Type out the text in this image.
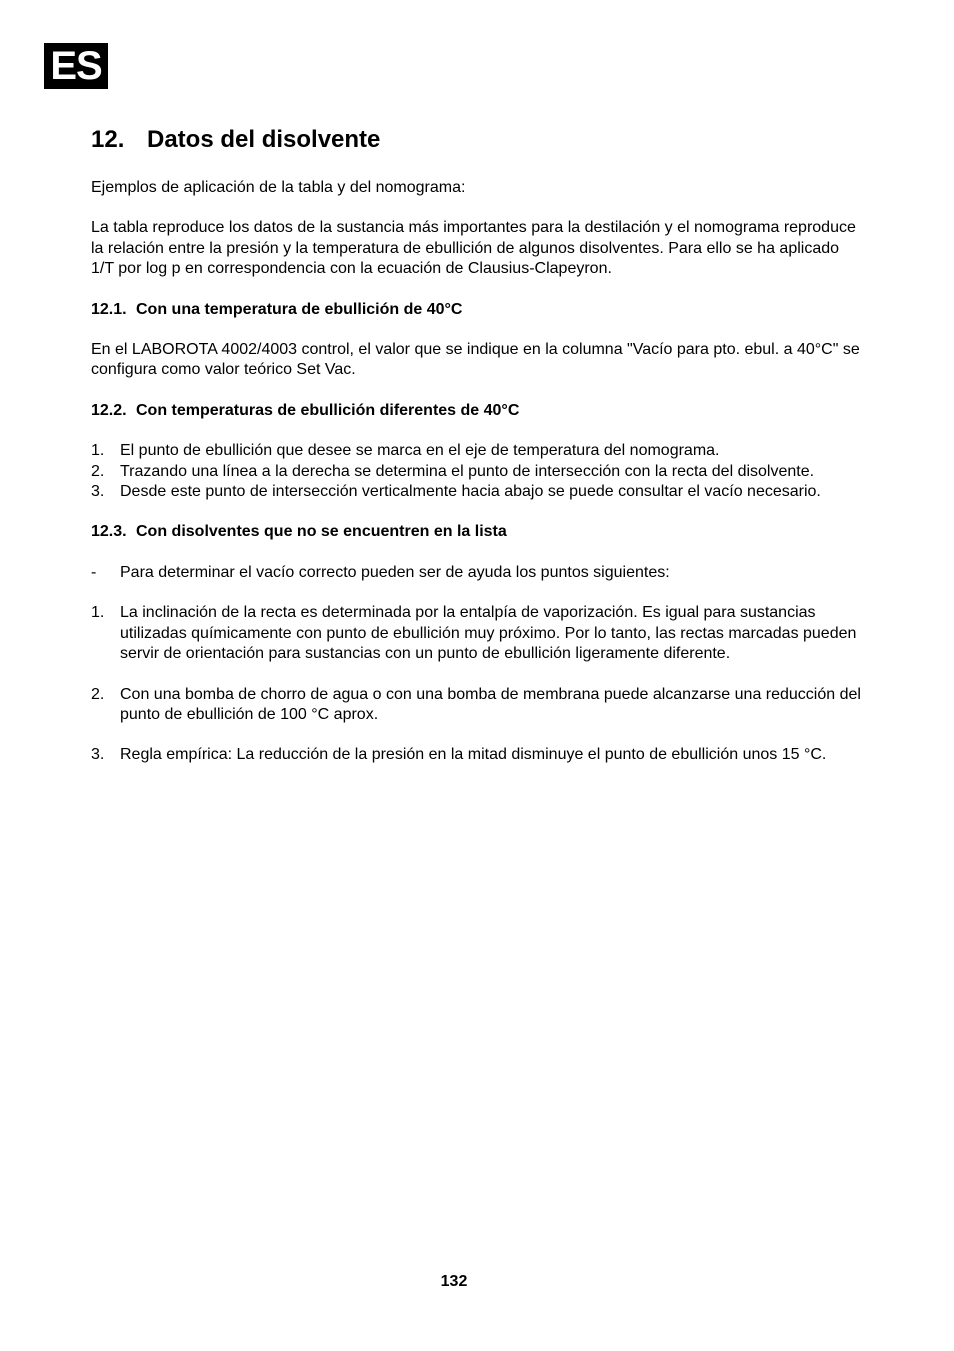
ES
12. Datos del disolvente

Ejemplos de aplicación de la tabla y del nomograma:

La tabla reproduce los datos de la sustancia más importantes para la destilación y el nomograma reproduce la relación entre la presión y la temperatura de ebullición de algunos disolventes. Para ello se ha aplicado 1/T por log p en correspondencia con la ecuación de Clausius-Clapeyron.

12.1. Con una temperatura de ebullición de 40°C

En el LABOROTA 4002/4003 control, el valor que se indique en la columna "Vacío para pto. ebul. a 40°C" se configura como valor teórico Set Vac.

12.2. Con temperaturas de ebullición diferentes de 40°C
1. El punto de ebullición que desee se marca en el eje de temperatura del nomograma.
2. Trazando una línea a la derecha se determina el punto de intersección con la recta del disolvente.
3. Desde este punto de intersección verticalmente hacia abajo se puede consultar el vacío necesario.
12.3. Con disolventes que no se encuentren en la lista
-	Para determinar el vacío correcto pueden ser de ayuda los puntos siguientes:
1. La inclinación de la recta es determinada por la entalpía de vaporización. Es igual para sustancias utilizadas químicamente con punto de ebullición muy próximo. Por lo tanto, las rectas marcadas pueden servir de orientación para sustancias con un punto de ebullición ligeramente diferente.
2. Con una bomba de chorro de agua o con una bomba de membrana puede alcanzarse una reducción del punto de ebullición de 100 °C aprox.
3. Regla empírica: La reducción de la presión en la mitad disminuye el punto de ebullición unos 15 °C.
132
